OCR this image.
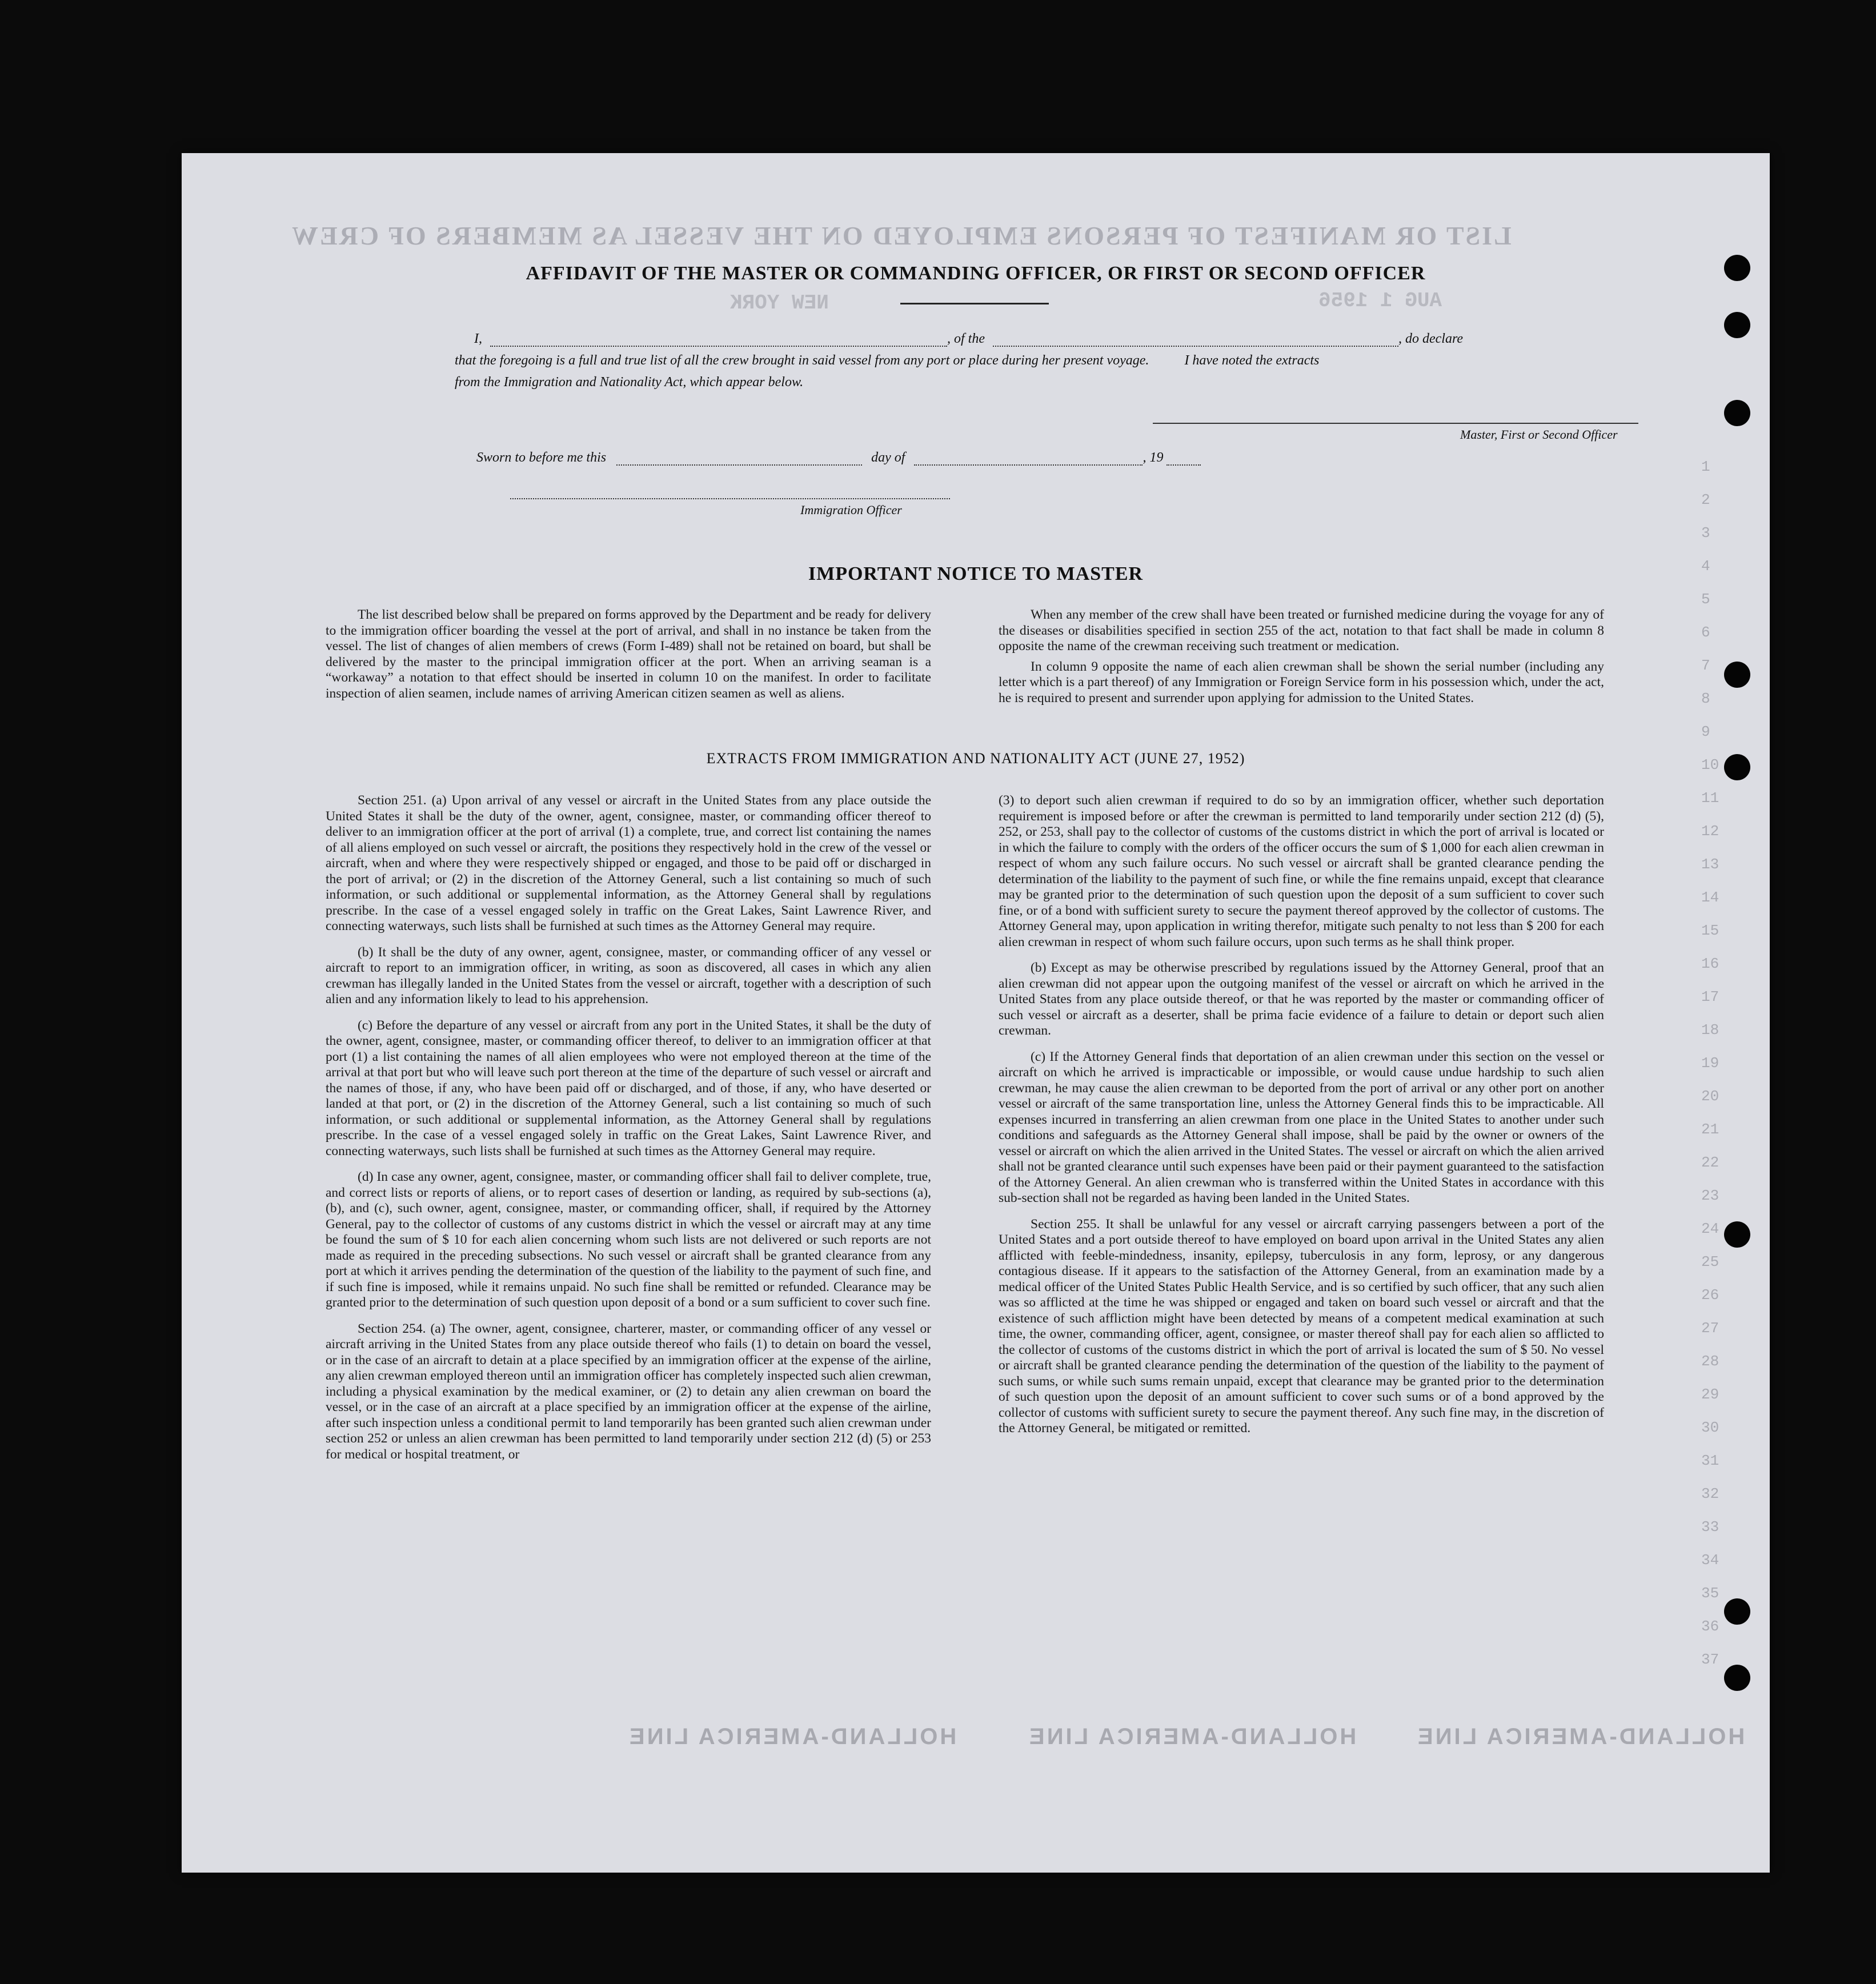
LIST OR MANIFEST OF PERSONS EMPLOYED ON THE VESSEL AS MEMBERS OF CREW
NEW YORK	AUG 1 1956
1
2
3
4
5
6
7
8
9
10
11
12
13
14
15
16
17
18
19
20
21
22
23
24
25
26
27
28
29
30
31
32
33
34
35
36
37
HOLLAND-AMERICA LINE	HOLLAND-AMERICA LINE	HOLLAND-AMERICA LINE
AFFIDAVIT OF THE MASTER OR COMMANDING OFFICER, OR FIRST OR SECOND OFFICER
I,	, of the	, do declare
that the foregoing is a full and true list of all the crew brought in said vessel from any port or place during her present voyage.	I have noted the extracts
from the Immigration and Nationality Act, which appear below.
Master, First or Second Officer
Sworn to before me this	day of	, 19
Immigration Officer
IMPORTANT NOTICE TO MASTER

The list described below shall be prepared on forms approved by the Department and be ready for delivery to the immigration officer boarding the vessel at the port of arrival, and shall in no instance be taken from the vessel. The list of changes of alien members of crews (Form I-489) shall not be retained on board, but shall be delivered by the master to the principal immigration officer at the port. When an arriving seaman is a “workaway” a notation to that effect should be inserted in column 10 on the manifest. In order to facilitate inspection of alien seamen, include names of arriving American citizen seamen as well as aliens.

When any member of the crew shall have been treated or furnished medicine during the voyage for any of the diseases or disabilities specified in section 255 of the act, notation to that fact shall be made in column 8 opposite the name of the crewman receiving such treatment or medication.

In column 9 opposite the name of each alien crewman shall be shown the serial number (including any letter which is a part thereof) of any Immigration or Foreign Service form in his possession which, under the act, he is required to present and surrender upon applying for admission to the United States.

EXTRACTS FROM IMMIGRATION AND NATIONALITY ACT (JUNE 27, 1952)

Section 251. (a) Upon arrival of any vessel or aircraft in the United States from any place outside the United States it shall be the duty of the owner, agent, consignee, master, or commanding officer thereof to deliver to an immigration officer at the port of arrival (1) a complete, true, and correct list containing the names of all aliens employed on such vessel or aircraft, the positions they respectively hold in the crew of the vessel or aircraft, when and where they were respectively shipped or engaged, and those to be paid off or discharged in the port of arrival; or (2) in the discretion of the Attorney General, such a list containing so much of such information, or such additional or supplemental information, as the Attorney General shall by regulations prescribe. In the case of a vessel engaged solely in traffic on the Great Lakes, Saint Lawrence River, and connecting waterways, such lists shall be furnished at such times as the Attorney General may require.

(b) It shall be the duty of any owner, agent, consignee, master, or commanding officer of any vessel or aircraft to report to an immigration officer, in writing, as soon as discovered, all cases in which any alien crewman has illegally landed in the United States from the vessel or aircraft, together with a description of such alien and any information likely to lead to his apprehension.

(c) Before the departure of any vessel or aircraft from any port in the United States, it shall be the duty of the owner, agent, consignee, master, or commanding officer thereof, to deliver to an immigration officer at that port (1) a list containing the names of all alien employees who were not employed thereon at the time of the arrival at that port but who will leave such port thereon at the time of the departure of such vessel or aircraft and the names of those, if any, who have been paid off or discharged, and of those, if any, who have deserted or landed at that port, or (2) in the discretion of the Attorney General, such a list containing so much of such information, or such additional or supplemental information, as the Attorney General shall by regulations prescribe. In the case of a vessel engaged solely in traffic on the Great Lakes, Saint Lawrence River, and connecting waterways, such lists shall be furnished at such times as the Attorney General may require.

(d) In case any owner, agent, consignee, master, or commanding officer shall fail to deliver complete, true, and correct lists or reports of aliens, or to report cases of desertion or landing, as required by sub-sections (a), (b), and (c), such owner, agent, consignee, master, or commanding officer, shall, if required by the Attorney General, pay to the collector of customs of any customs district in which the vessel or aircraft may at any time be found the sum of $ 10 for each alien concerning whom such lists are not delivered or such reports are not made as required in the preceding subsections. No such vessel or aircraft shall be granted clearance from any port at which it arrives pending the determination of the question of the liability to the payment of such fine, and if such fine is imposed, while it remains unpaid. No such fine shall be remitted or refunded. Clearance may be granted prior to the determination of such question upon deposit of a bond or a sum sufficient to cover such fine.

Section 254. (a) The owner, agent, consignee, charterer, master, or commanding officer of any vessel or aircraft arriving in the United States from any place outside thereof who fails (1) to detain on board the vessel, or in the case of an aircraft to detain at a place specified by an immigration officer at the expense of the airline, any alien crewman employed thereon until an immigration officer has completely inspected such alien crewman, including a physical examination by the medical examiner, or (2) to detain any alien crewman on board the vessel, or in the case of an aircraft at a place specified by an immigration officer at the expense of the airline, after such inspection unless a conditional permit to land temporarily has been granted such alien crewman under section 252 or unless an alien crewman has been permitted to land temporarily under section 212 (d) (5) or 253 for medical or hospital treatment, or

(3) to deport such alien crewman if required to do so by an immigration officer, whether such deportation requirement is imposed before or after the crewman is permitted to land temporarily under section 212 (d) (5), 252, or 253, shall pay to the collector of customs of the customs district in which the port of arrival is located or in which the failure to comply with the orders of the officer occurs the sum of $ 1,000 for each alien crewman in respect of whom any such failure occurs. No such vessel or aircraft shall be granted clearance pending the determination of the liability to the payment of such fine, or while the fine remains unpaid, except that clearance may be granted prior to the determination of such question upon the deposit of a sum sufficient to cover such fine, or of a bond with sufficient surety to secure the payment thereof approved by the collector of customs. The Attorney General may, upon application in writing therefor, mitigate such penalty to not less than $ 200 for each alien crewman in respect of whom such failure occurs, upon such terms as he shall think proper.

(b) Except as may be otherwise prescribed by regulations issued by the Attorney General, proof that an alien crewman did not appear upon the outgoing manifest of the vessel or aircraft on which he arrived in the United States from any place outside thereof, or that he was reported by the master or commanding officer of such vessel or aircraft as a deserter, shall be prima facie evidence of a failure to detain or deport such alien crewman.

(c) If the Attorney General finds that deportation of an alien crewman under this section on the vessel or aircraft on which he arrived is impracticable or impossible, or would cause undue hardship to such alien crewman, he may cause the alien crewman to be deported from the port of arrival or any other port on another vessel or aircraft of the same transportation line, unless the Attorney General finds this to be impracticable. All expenses incurred in transferring an alien crewman from one place in the United States to another under such conditions and safeguards as the Attorney General shall impose, shall be paid by the owner or owners of the vessel or aircraft on which the alien arrived in the United States. The vessel or aircraft on which the alien arrived shall not be granted clearance until such expenses have been paid or their payment guaranteed to the satisfaction of the Attorney General. An alien crewman who is transferred within the United States in accordance with this sub-section shall not be regarded as having been landed in the United States.

Section 255. It shall be unlawful for any vessel or aircraft carrying passengers between a port of the United States and a port outside thereof to have employed on board upon arrival in the United States any alien afflicted with feeble-mindedness, insanity, epilepsy, tuberculosis in any form, leprosy, or any dangerous contagious disease. If it appears to the satisfaction of the Attorney General, from an examination made by a medical officer of the United States Public Health Service, and is so certified by such officer, that any such alien was so afflicted at the time he was shipped or engaged and taken on board such vessel or aircraft and that the existence of such affliction might have been detected by means of a competent medical examination at such time, the owner, commanding officer, agent, consignee, or master thereof shall pay for each alien so afflicted to the collector of customs of the customs district in which the port of arrival is located the sum of $ 50. No vessel or aircraft shall be granted clearance pending the determination of the question of the liability to the payment of such sums, or while such sums remain unpaid, except that clearance may be granted prior to the determination of such question upon the deposit of an amount sufficient to cover such sums or of a bond approved by the collector of customs with sufficient surety to secure the payment thereof. Any such fine may, in the discretion of the Attorney General, be mitigated or remitted.
